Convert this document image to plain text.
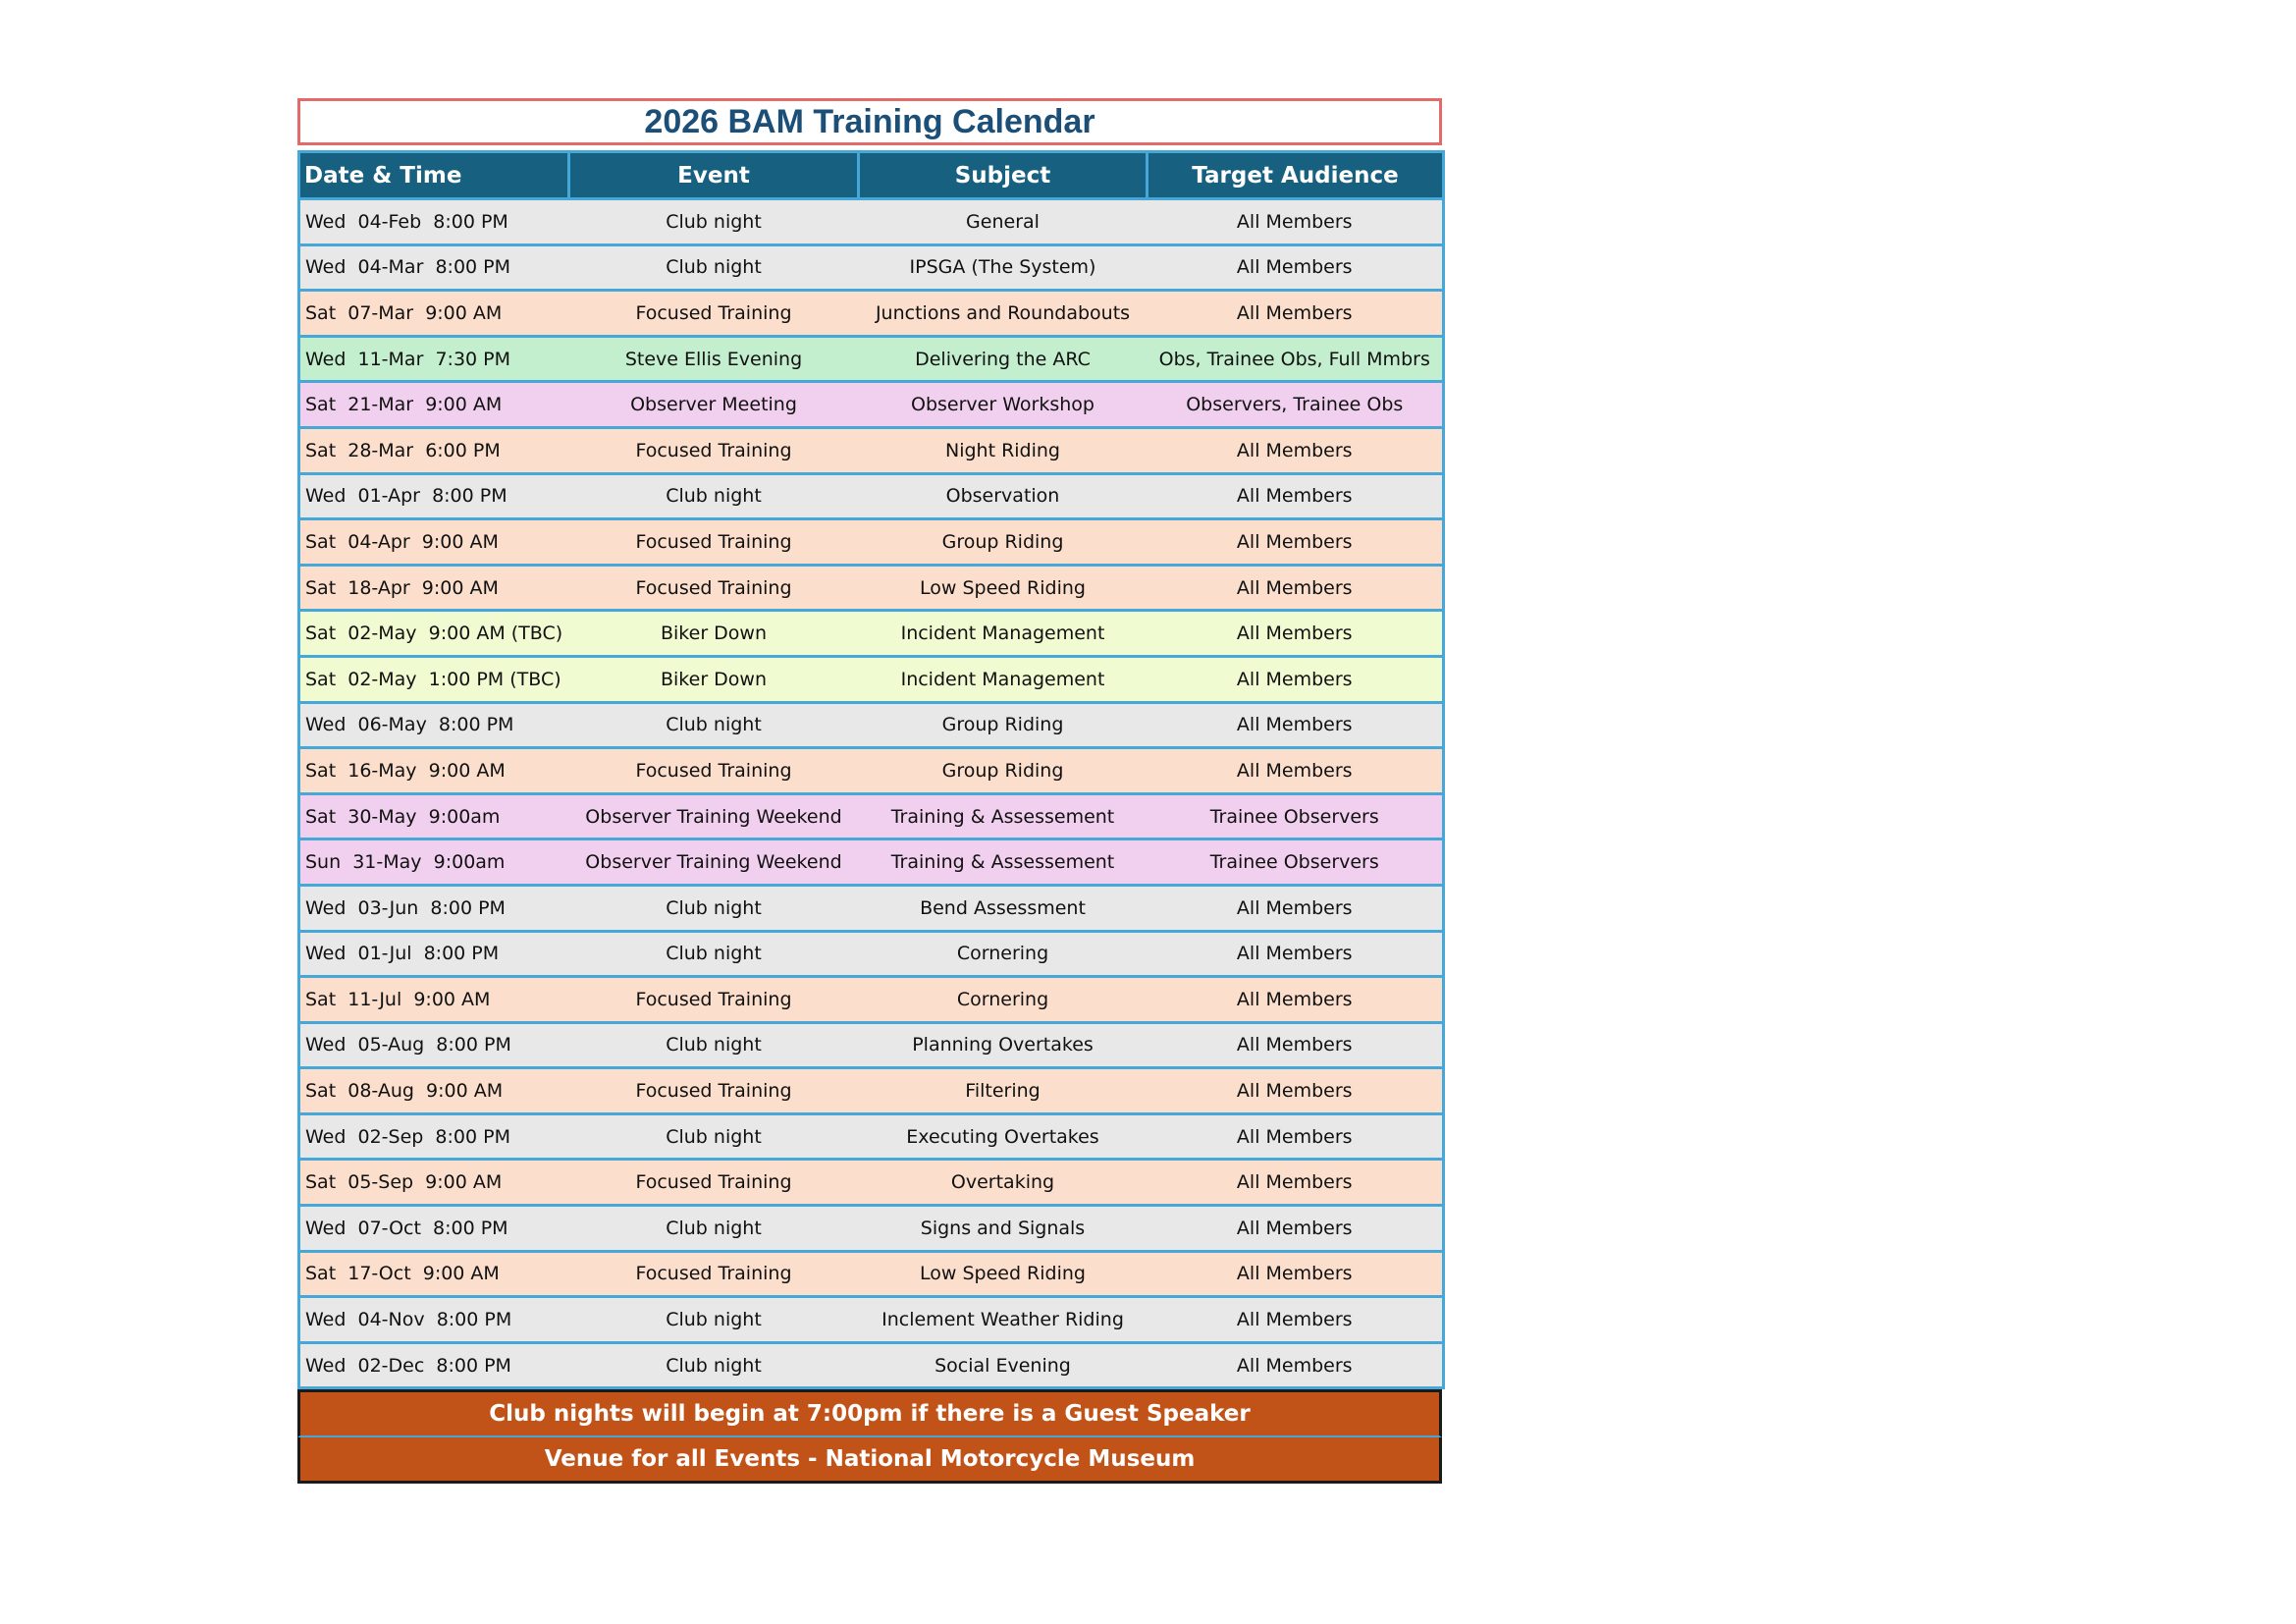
2026 BAM Training Calendar
Date & Time	Event	Subject	Target Audience
Wed  04-Feb  8:00 PM	Club night	General	All Members
Wed  04-Mar  8:00 PM	Club night	IPSGA (The System)	All Members
Sat  07-Mar  9:00 AM	Focused Training	Junctions and Roundabouts	All Members
Wed  11-Mar  7:30 PM	Steve Ellis Evening	Delivering the ARC	Obs, Trainee Obs, Full Mmbrs
Sat  21-Mar  9:00 AM	Observer Meeting	Observer Workshop	Observers, Trainee Obs
Sat  28-Mar  6:00 PM	Focused Training	Night Riding	All Members
Wed  01-Apr  8:00 PM	Club night	Observation	All Members
Sat  04-Apr  9:00 AM	Focused Training	Group Riding	All Members
Sat  18-Apr  9:00 AM	Focused Training	Low Speed Riding	All Members
Sat  02-May  9:00 AM (TBC)	Biker Down	Incident Management	All Members
Sat  02-May  1:00 PM (TBC)	Biker Down	Incident Management	All Members
Wed  06-May  8:00 PM	Club night	Group Riding	All Members
Sat  16-May  9:00 AM	Focused Training	Group Riding	All Members
Sat  30-May  9:00am	Observer Training Weekend	Training & Assessement	Trainee Observers
Sun  31-May  9:00am	Observer Training Weekend	Training & Assessement	Trainee Observers
Wed  03-Jun  8:00 PM	Club night	Bend Assessment	All Members
Wed  01-Jul  8:00 PM	Club night	Cornering	All Members
Sat  11-Jul  9:00 AM	Focused Training	Cornering	All Members
Wed  05-Aug  8:00 PM	Club night	Planning Overtakes	All Members
Sat  08-Aug  9:00 AM	Focused Training	Filtering	All Members
Wed  02-Sep  8:00 PM	Club night	Executing Overtakes	All Members
Sat  05-Sep  9:00 AM	Focused Training	Overtaking	All Members
Wed  07-Oct  8:00 PM	Club night	Signs and Signals	All Members
Sat  17-Oct  9:00 AM	Focused Training	Low Speed Riding	All Members
Wed  04-Nov  8:00 PM	Club night	Inclement Weather Riding	All Members
Wed  02-Dec  8:00 PM	Club night	Social Evening	All Members
Club nights will begin at 7:00pm if there is a Guest Speaker
Venue for all Events - National Motorcycle Museum
